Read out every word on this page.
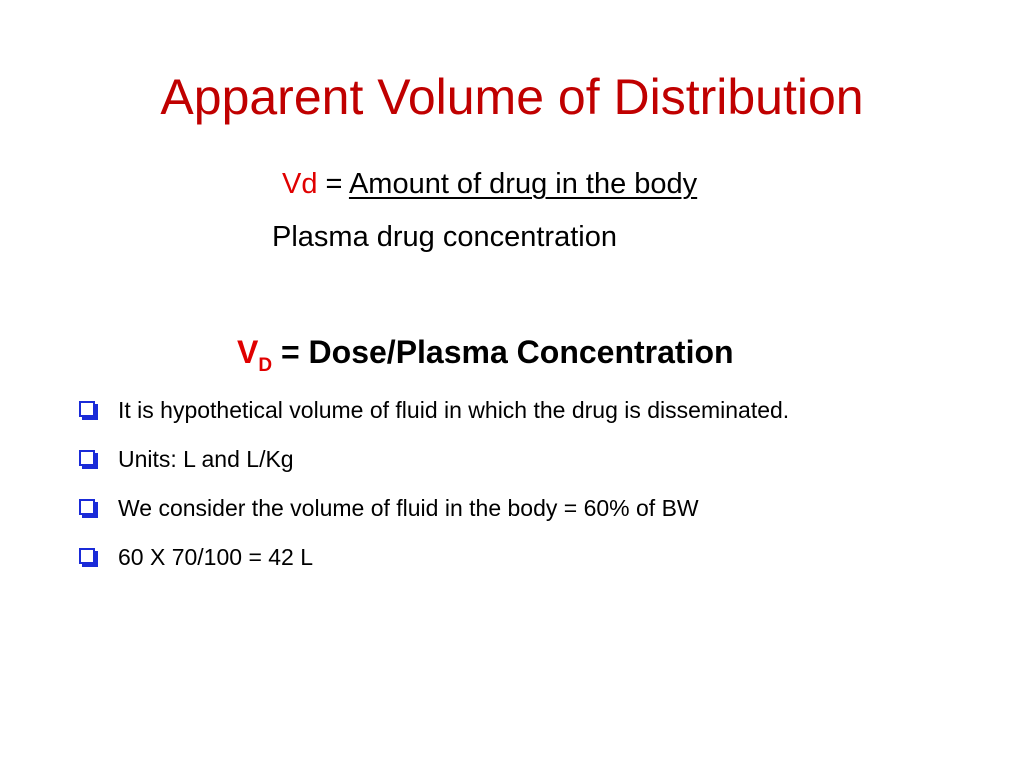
Apparent Volume of Distribution
Vd = Amount of drug in the body
Plasma drug concentration
$V_D$ = Dose/Plasma Concentration
It is hypothetical volume of fluid in which the drug is disseminated.
Units: L and L/Kg
We consider the volume of fluid in the body = 60% of BW
60 X 70/100 = 42 L
